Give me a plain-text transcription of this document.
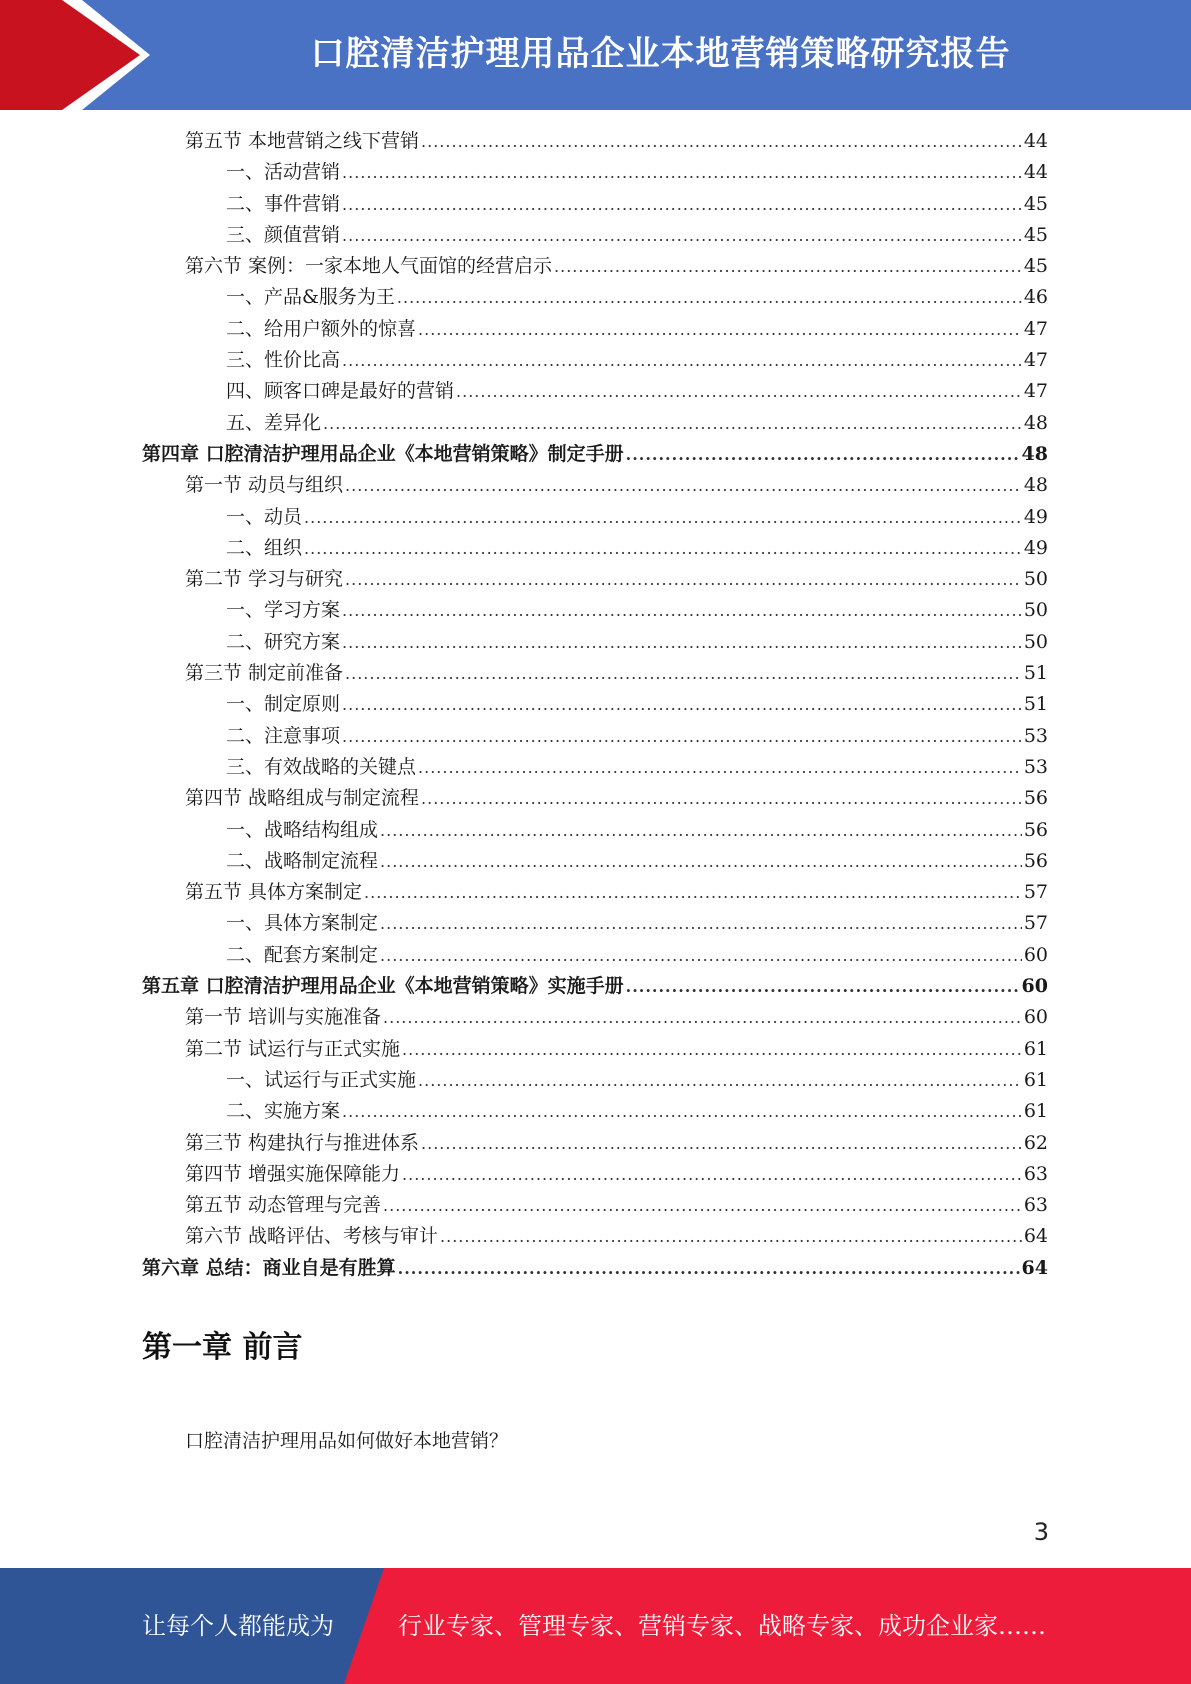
口腔清洁护理用品企业本地营销策略研究报告
第五节 本地营销之线下营销 .....	44
一、活动营销 .....	44
二、事件营销 .....	45
三、颜值营销 .....	45
第六节 案例：一家本地人气面馆的经营启示 .....	45
一、产品&服务为王 .....	46
二、给用户额外的惊喜 .....	47
三、性价比高 .....	47
四、顾客口碑是最好的营销 .....	47
五、差异化 .....	48
第四章 口腔清洁护理用品企业《本地营销策略》制定手册 .....	48
第一节 动员与组织 .....	48
一、动员 .....	49
二、组织 .....	49
第二节 学习与研究 .....	50
一、学习方案 .....	50
二、研究方案 .....	50
第三节 制定前准备 .....	51
一、制定原则 .....	51
二、注意事项 .....	53
三、有效战略的关键点 .....	53
第四节 战略组成与制定流程 .....	56
一、战略结构组成 .....	56
二、战略制定流程 .....	56
第五节 具体方案制定 .....	57
一、具体方案制定 .....	57
二、配套方案制定 .....	60
第五章 口腔清洁护理用品企业《本地营销策略》实施手册 .....	60
第一节 培训与实施准备 .....	60
第二节 试运行与正式实施 .....	61
一、试运行与正式实施 .....	61
二、实施方案 .....	61
第三节 构建执行与推进体系 .....	62
第四节 增强实施保障能力 .....	63
第五节 动态管理与完善 .....	63
第六节 战略评估、考核与审计 .....	64
第六章 总结：商业自是有胜算 .....	64
第一章 前言
口腔清洁护理用品如何做好本地营销？
3
让每个人都能成为	行业专家、管理专家、营销专家、战略专家、成功企业家……
